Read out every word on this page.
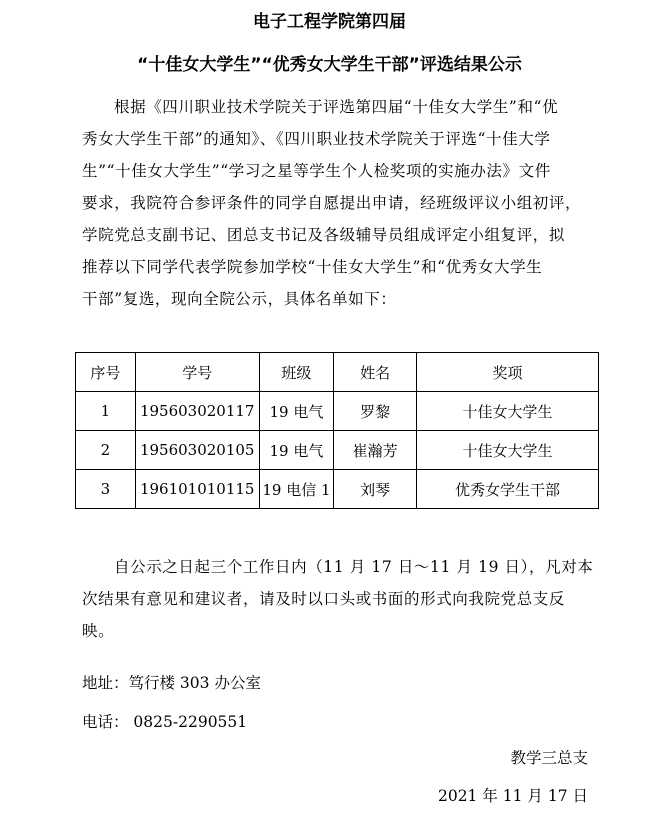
电子工程学院第四届
“十佳女大学生”“优秀女大学生干部”评选结果公示
根据《四川职业技术学院关于评选第四届“十佳女大学生”和“优
秀女大学生干部”的通知》、《四川职业技术学院关于评选“十佳大学
生”“十佳女大学生”“学习之星等学生个人检奖项的实施办法》文件
要求，我院符合参评条件的同学自愿提出申请，经班级评议小组初评，
学院党总支副书记、团总支书记及各级辅导员组成评定小组复评，拟
推荐以下同学代表学院参加学校“十佳女大学生”和“优秀女大学生
干部”复选，现向全院公示，具体名单如下：
序号	学号	班级	姓名	奖项
1	195603020117	19 电气	罗黎	十佳女大学生
2	195603020105	19 电气	崔瀚芳	十佳女大学生
3	196101010115	19 电信 1	刘琴	优秀女学生干部
自公示之日起三个工作日内（11 月 17 日～11 月 19 日），凡对本
次结果有意见和建议者，请及时以口头或书面的形式向我院党总支反
映。
地址：笃行楼 303 办公室
电话： 0825-2290551
教学三总支
2021 年 11 月 17 日
